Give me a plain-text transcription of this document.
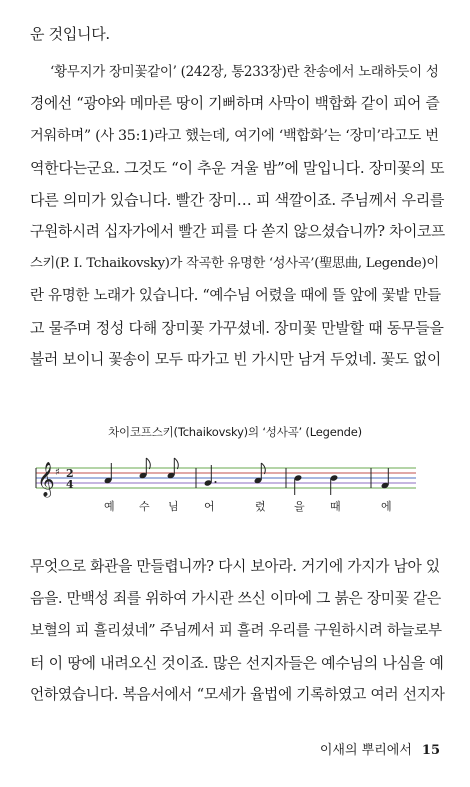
운 것입니다.
‘황무지가 장미꽃같이’ (242장, 통233장)란 찬송에서 노래하듯이 성
경에선 “광야와 메마른 땅이 기뻐하며 사막이 백합화 같이 피어 즐
거워하며” (사 35:1)라고 했는데, 여기에 ‘백합화’는 ‘장미’라고도 번
역한다는군요. 그것도 “이 추운 겨울 밤”에 말입니다. 장미꽃의 또
다른 의미가 있습니다. 빨간 장미… 피 색깔이죠. 주님께서 우리를
구원하시려 십자가에서 빨간 피를 다 쏟지 않으셨습니까? 차이코프
스키(P. I. Tchaikovsky)가 작곡한 유명한 ‘성사곡’(聖思曲, Legende)이
란 유명한 노래가 있습니다. “예수님 어렸을 때에 뜰 앞에 꽃밭 만들
고 물주며 정성 다해 장미꽃 가꾸셨네. 장미꽃 만발할 때 동무들을
불러 보이니 꽃송이 모두 따가고 빈 가시만 남겨 두었네. 꽃도 없이
차이코프스키(Tchaikovsky)의 ‘성사곡’ (Legende)
𝄞 ♯ 2
4
예 수 님 어	렸	을 때	에
무엇으로 화관을 만들렵니까? 다시 보아라. 거기에 가지가 남아 있
음을. 만백성 죄를 위하여 가시관 쓰신 이마에 그 붉은 장미꽃 같은
보혈의 피 흘리셨네” 주님께서 피 흘려 우리를 구원하시려 하늘로부
터 이 땅에 내려오신 것이죠. 많은 선지자들은 예수님의 나심을 예
언하였습니다. 복음서에서 “모세가 율법에 기록하였고 여러 선지자
이새의 뿌리에서 15
